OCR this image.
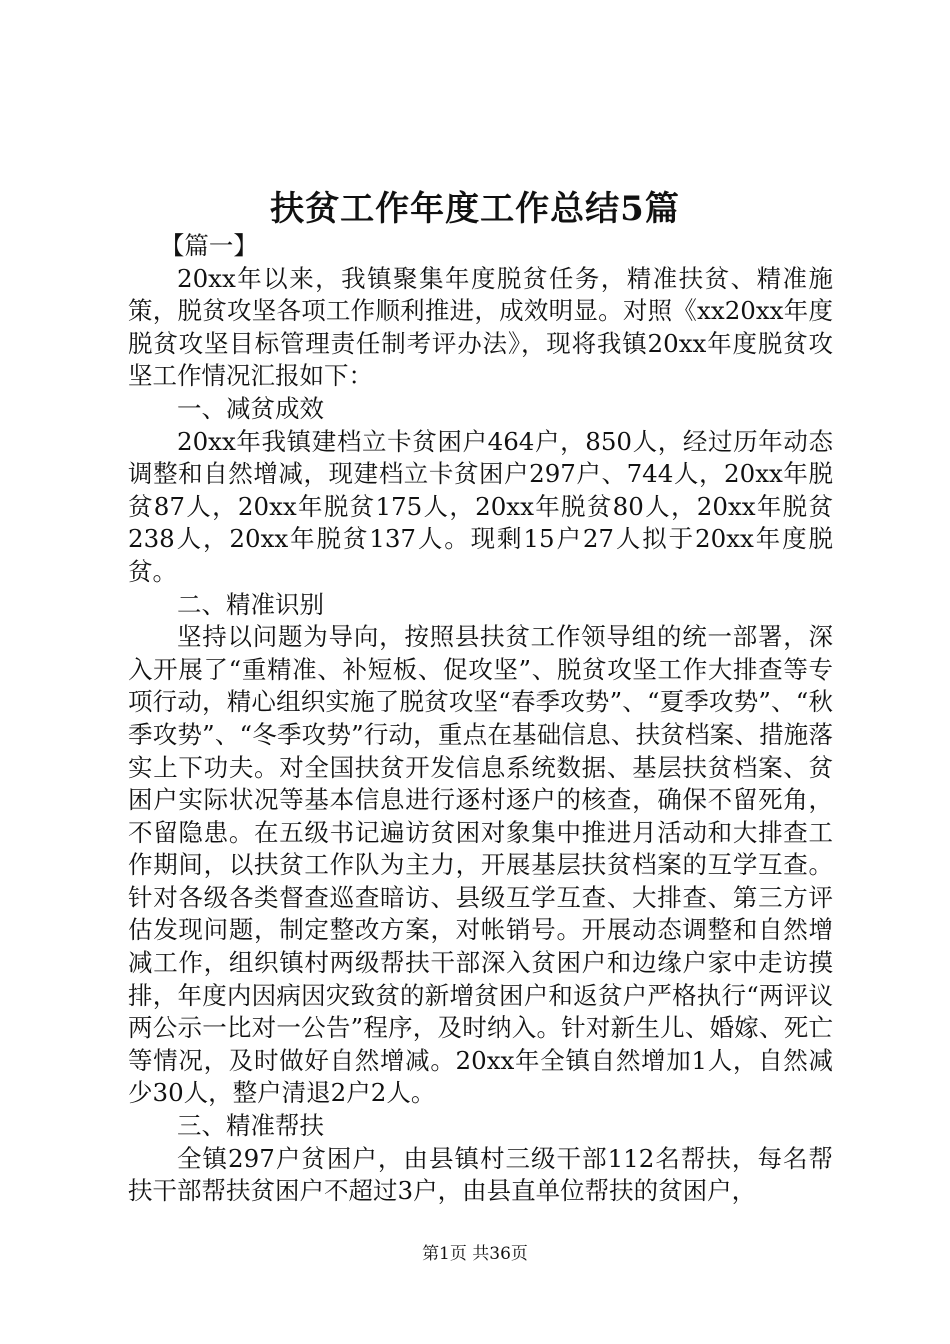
扶贫工作年度工作总结5篇

【篇一】

20xx年以来，我镇聚集年度脱贫任务，精准扶贫、精准施策，脱贫攻坚各项工作顺利推进，成效明显。对照《xx20xx年度脱贫攻坚目标管理责任制考评办法》，现将我镇20xx年度脱贫攻坚工作情况汇报如下：

一、减贫成效

20xx年我镇建档立卡贫困户464户，850人，经过历年动态调整和自然增减，现建档立卡贫困户297户、744人，20xx年脱贫87人，20xx年脱贫175人，20xx年脱贫80人，20xx年脱贫238人，20xx年脱贫137人。现剩15户27人拟于20xx年度脱贫。

二、精准识别

坚持以问题为导向，按照县扶贫工作领导组的统一部署，深入开展了“重精准、补短板、促攻坚”、脱贫攻坚工作大排查等专项行动，精心组织实施了脱贫攻坚“春季攻势”、“夏季攻势”、“秋季攻势”、“冬季攻势”行动，重点在基础信息、扶贫档案、措施落实上下功夫。对全国扶贫开发信息系统数据、基层扶贫档案、贫困户实际状况等基本信息进行逐村逐户的核查，确保不留死角，不留隐患。在五级书记遍访贫困对象集中推进月活动和大排查工作期间，以扶贫工作队为主力，开展基层扶贫档案的互学互查。针对各级各类督查巡查暗访、县级互学互查、大排查、第三方评估发现问题，制定整改方案，对帐销号。开展动态调整和自然增减工作，组织镇村两级帮扶干部深入贫困户和边缘户家中走访摸排，年度内因病因灾致贫的新增贫困户和返贫户严格执行“两评议两公示一比对一公告”程序，及时纳入。针对新生儿、婚嫁、死亡等情况，及时做好自然增减。20xx年全镇自然增加1人，自然减少30人，整户清退2户2人。

三、精准帮扶

全镇297户贫困户，由县镇村三级干部112名帮扶，每名帮扶干部帮扶贫困户不超过3户，由县直单位帮扶的贫困户，

第1页 共36页
